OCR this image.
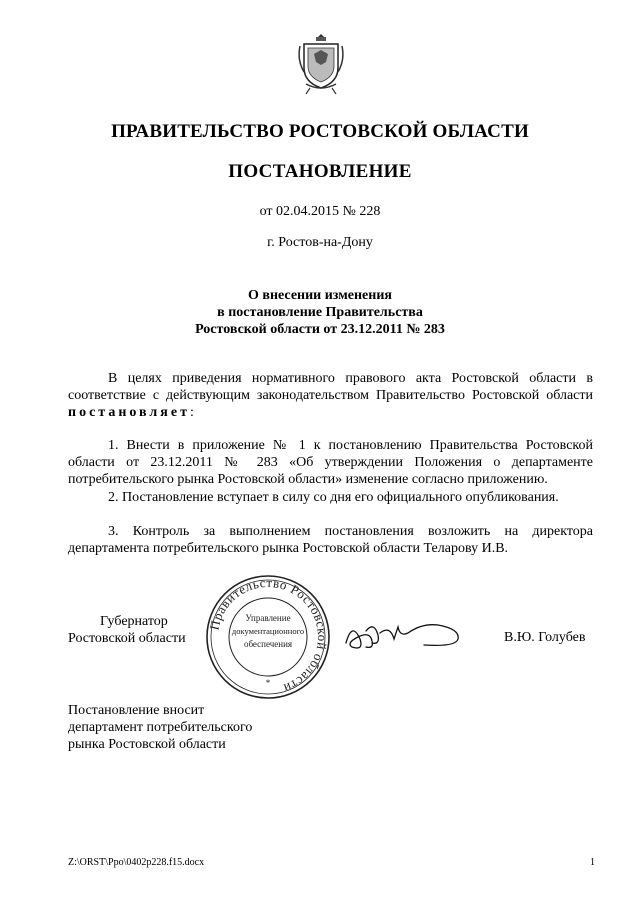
ПРАВИТЕЛЬСТВО РОСТОВСКОЙ ОБЛАСТИ
ПОСТАНОВЛЕНИЕ
от 02.04.2015 № 228
г. Ростов-на-Дону
О внесении изменения
в постановление Правительства
Ростовской области от 23.12.2011 № 283
В целях приведения нормативного правового акта Ростовской области в соответствие с действующим законодательством Правительство Ростовской области постановляет:
1. Внести в приложение № 1 к постановлению Правительства Ростовской области от 23.12.2011 № 283 «Об утверждении Положения о департаменте потребительского рынка Ростовской области» изменение согласно приложению.
2. Постановление вступает в силу со дня его официального опубликования.
3. Контроль за выполнением постановления возложить на директора департамента потребительского рынка Ростовской области Теларову И.В.
Губернатор
Ростовской области
Правительство Ростовской области
Управление
документационного
обеспечения
*
В.Ю. Голубев
Постановление вносит
департамент потребительского
рынка Ростовской области
Z:\ORST\Ppo\0402p228.f15.docx	1
